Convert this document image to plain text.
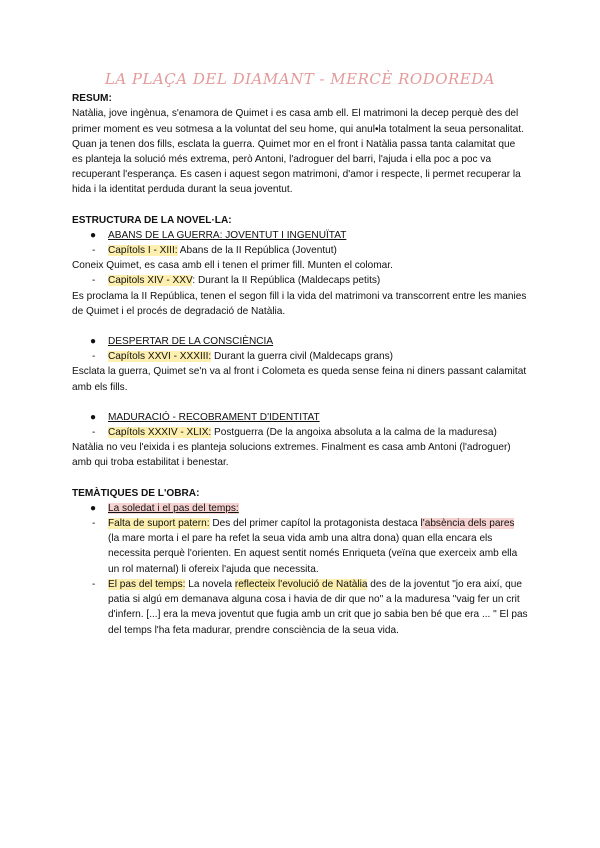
LA PLAÇA DEL DIAMANT - MERCÈ RODOREDA

RESUM:

Natàlia, jove ingènua, s'enamora de Quimet i es casa amb ell. El matrimoni la decep perquè des del primer moment es veu sotmesa a la voluntat del seu home, qui anul•la totalment la seua personalitat. Quan ja tenen dos fills, esclata la guerra. Quimet mor en el front i Natàlia passa tanta calamitat que es planteja la solució més extrema, però Antoni, l'adroguer del barri, l'ajuda i ella poc a poc va recuperant l'esperança. Es casen i aquest segon matrimoni, d'amor i respecte, li permet recuperar la hida i la identitat perduda durant la seua joventut.

ESTRUCTURA DE LA NOVEL·LA:

● ABANS DE LA GUERRA: JOVENTUT I INGENUÏTAT
- Capítols I - XIII: Abans de la II República (Joventut)

Coneix Quimet, es casa amb ell i tenen el primer fill. Munten el colomar.

- Capitols XIV - XXV: Durant la II República (Maldecaps petits)

Es proclama la II República, tenen el segon fill i la vida del matrimoni va transcorrent entre les manies de Quimet i el procés de degradació de Natàlia.

● DESPERTAR DE LA CONSCIÈNCIA
- Capítols XXVI - XXXIII: Durant la guerra civil (Maldecaps grans)

Esclata la guerra, Quimet se'n va al front i Colometa es queda sense feina ni diners passant calamitat amb els fills.

● MADURACIÓ - RECOBRAMENT D'IDENTITAT
- Capítols XXXIV - XLIX: Postguerra (De la angoixa absoluta a la calma de la maduresa)

Natàlia no veu l'eixida i es planteja solucions extremes. Finalment es casa amb Antoni (l'adroguer) amb qui troba estabilitat i benestar.

TEMÀTIQUES DE L'OBRA:

● La soledat i el pas del temps:
- Falta de suport patern: Des del primer capítol la protagonista destaca l'absència dels pares (la mare morta i el pare ha refet la seua vida amb una altra dona) quan ella encara els necessita perquè l'orienten. En aquest sentit només Enriqueta (veïna que exerceix amb ella un rol maternal) li ofereix l'ajuda que necessita.
- El pas del temps: La novela reflecteix l'evolució de Natàlia des de la joventut "jo era així, que patia si algú em demanava alguna cosa i havia de dir que no" a la maduresa "vaig fer un crit d'infern. [...] era la meva joventut que fugia amb un crit que jo sabia ben bé que era ... " El pas del temps l'ha feta madurar, prendre consciència de la seua vida.
